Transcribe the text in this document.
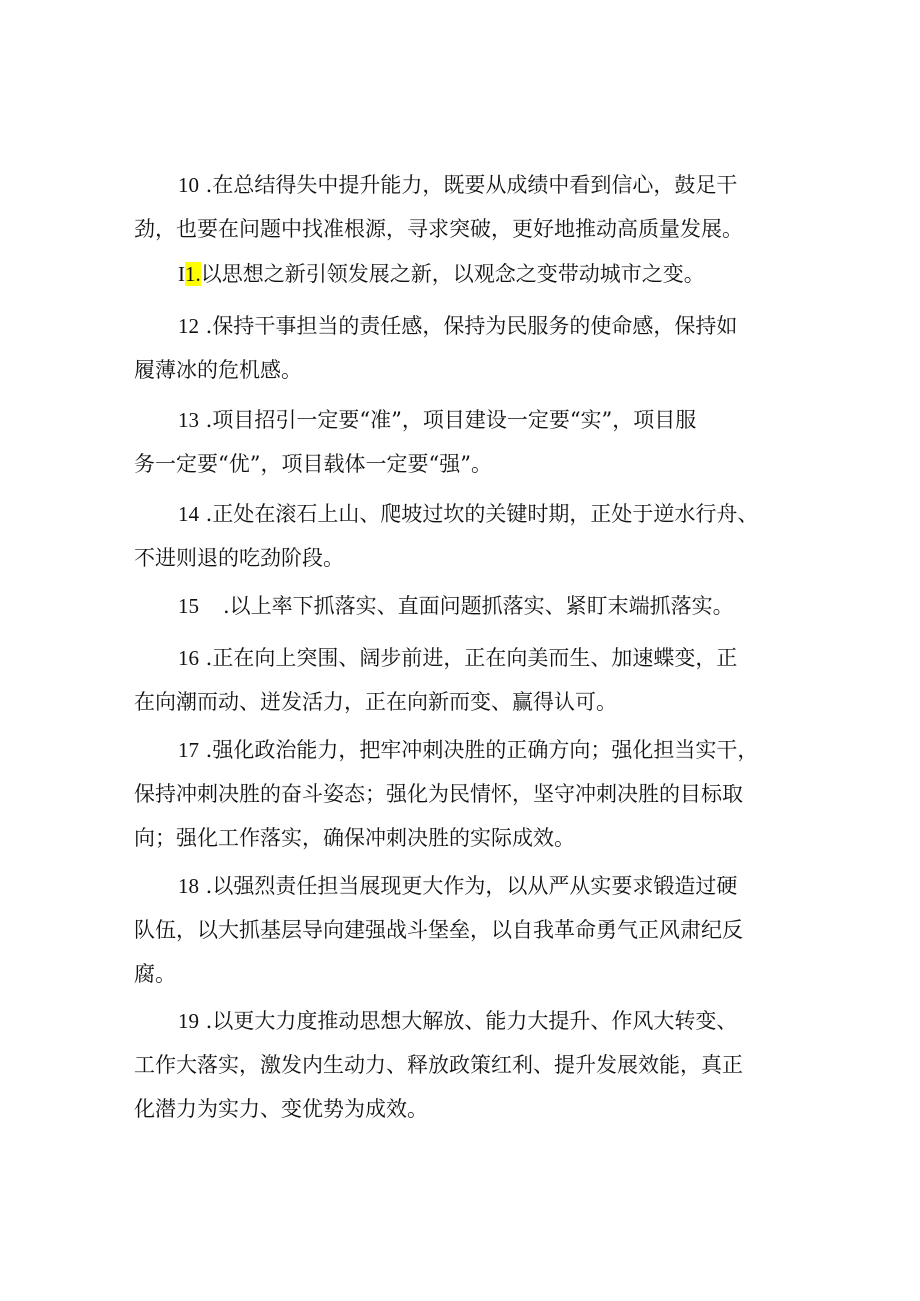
10 .在总结得失中提升能力，既要从成绩中看到信心，鼓足干
劲，也要在问题中找准根源，寻求突破，更好地推动高质量发展。
I1.以思想之新引领发展之新，以观念之变带动城市之变。
12 .保持干事担当的责任感，保持为民服务的使命感，保持如
履薄冰的危机感。
13 .项目招引一定要“准”，项目建设一定要“实”，项目服
务一定要“优”，项目载体一定要“强”。
14 .正处在滚石上山、爬坡过坎的关键时期，正处于逆水行舟、
不进则退的吃劲阶段。
15 .以上率下抓落实、直面问题抓落实、紧盯末端抓落实。
16 .正在向上突围、阔步前进，正在向美而生、加速蝶变，正
在向潮而动、迸发活力，正在向新而变、赢得认可。
17 .强化政治能力，把牢冲刺决胜的正确方向；强化担当实干，
保持冲刺决胜的奋斗姿态；强化为民情怀，坚守冲刺决胜的目标取
向；强化工作落实，确保冲刺决胜的实际成效。
18 .以强烈责任担当展现更大作为，以从严从实要求锻造过硬
队伍，以大抓基层导向建强战斗堡垒，以自我革命勇气正风肃纪反
腐。
19 .以更大力度推动思想大解放、能力大提升、作风大转变、
工作大落实，激发内生动力、释放政策红利、提升发展效能，真正
化潜力为实力、变优势为成效。
